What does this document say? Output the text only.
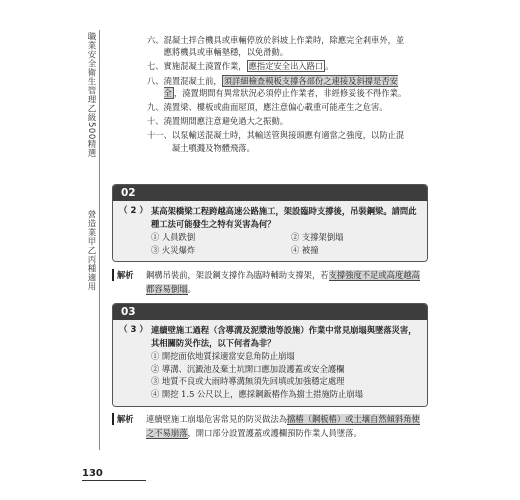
職業安全衛生管理乙級500精選
營造業甲乙丙種適用
六、 混凝土拌合機具或車輛停放於斜坡上作業時，除應完全剎車外，並應將機具或車輛墊穩，以免滑動。
七、 實施混凝土澆置作業， 應指定安全出入路口 。
八、 澆置混凝土前， 須詳細檢查模板支撐各部份之連接及斜撐是否安全 ，澆置期間有異常狀況必須停止作業者，非經修妥後不得作業。
九、 澆置梁、樓板或曲面屋頂，應注意偏心載重可能產生之危害。
十、 澆置期間應注意避免過大之振動。
十一、 以泵輸送混凝土時，其輸送管與接頭應有適當之強度，以防止混凝土噴濺及物體飛落。
02
（ 2 ） 某高架橋梁工程跨越高速公路施工，架設臨時支撐後，吊裝鋼梁。請問此種工法可能發生之特有災害為何？
① 人員跌倒	② 支撐架倒塌
③ 火災爆炸	④ 被撞
解析	鋼構吊裝前，架設鋼支撐作為臨時輔助支撐架，若支撐強度不足或高度越高都容易倒塌。
03
（ 3 ） 連續壁施工過程（含導溝及泥漿池等設施）作業中常見崩塌與墜落災害，其相關防災作法，以下何者為非？
① 開挖面依地質採適當安息角防止崩塌
② 導溝、沉澱池及棄土坑開口應加設護蓋或安全護欄
③ 地質不良或大雨時導溝無須先回填或加強穩定處理
④ 開挖 1.5 公尺以上，應採鋼鈑樁作為擋土措施防止崩塌
解析	連續壁施工崩塌危害常見的防災做法為擋樁（鋼板樁）或土壤自然傾斜角使之不易崩落，開口部分設置護蓋或護欄預防作業人員墜落。
130
